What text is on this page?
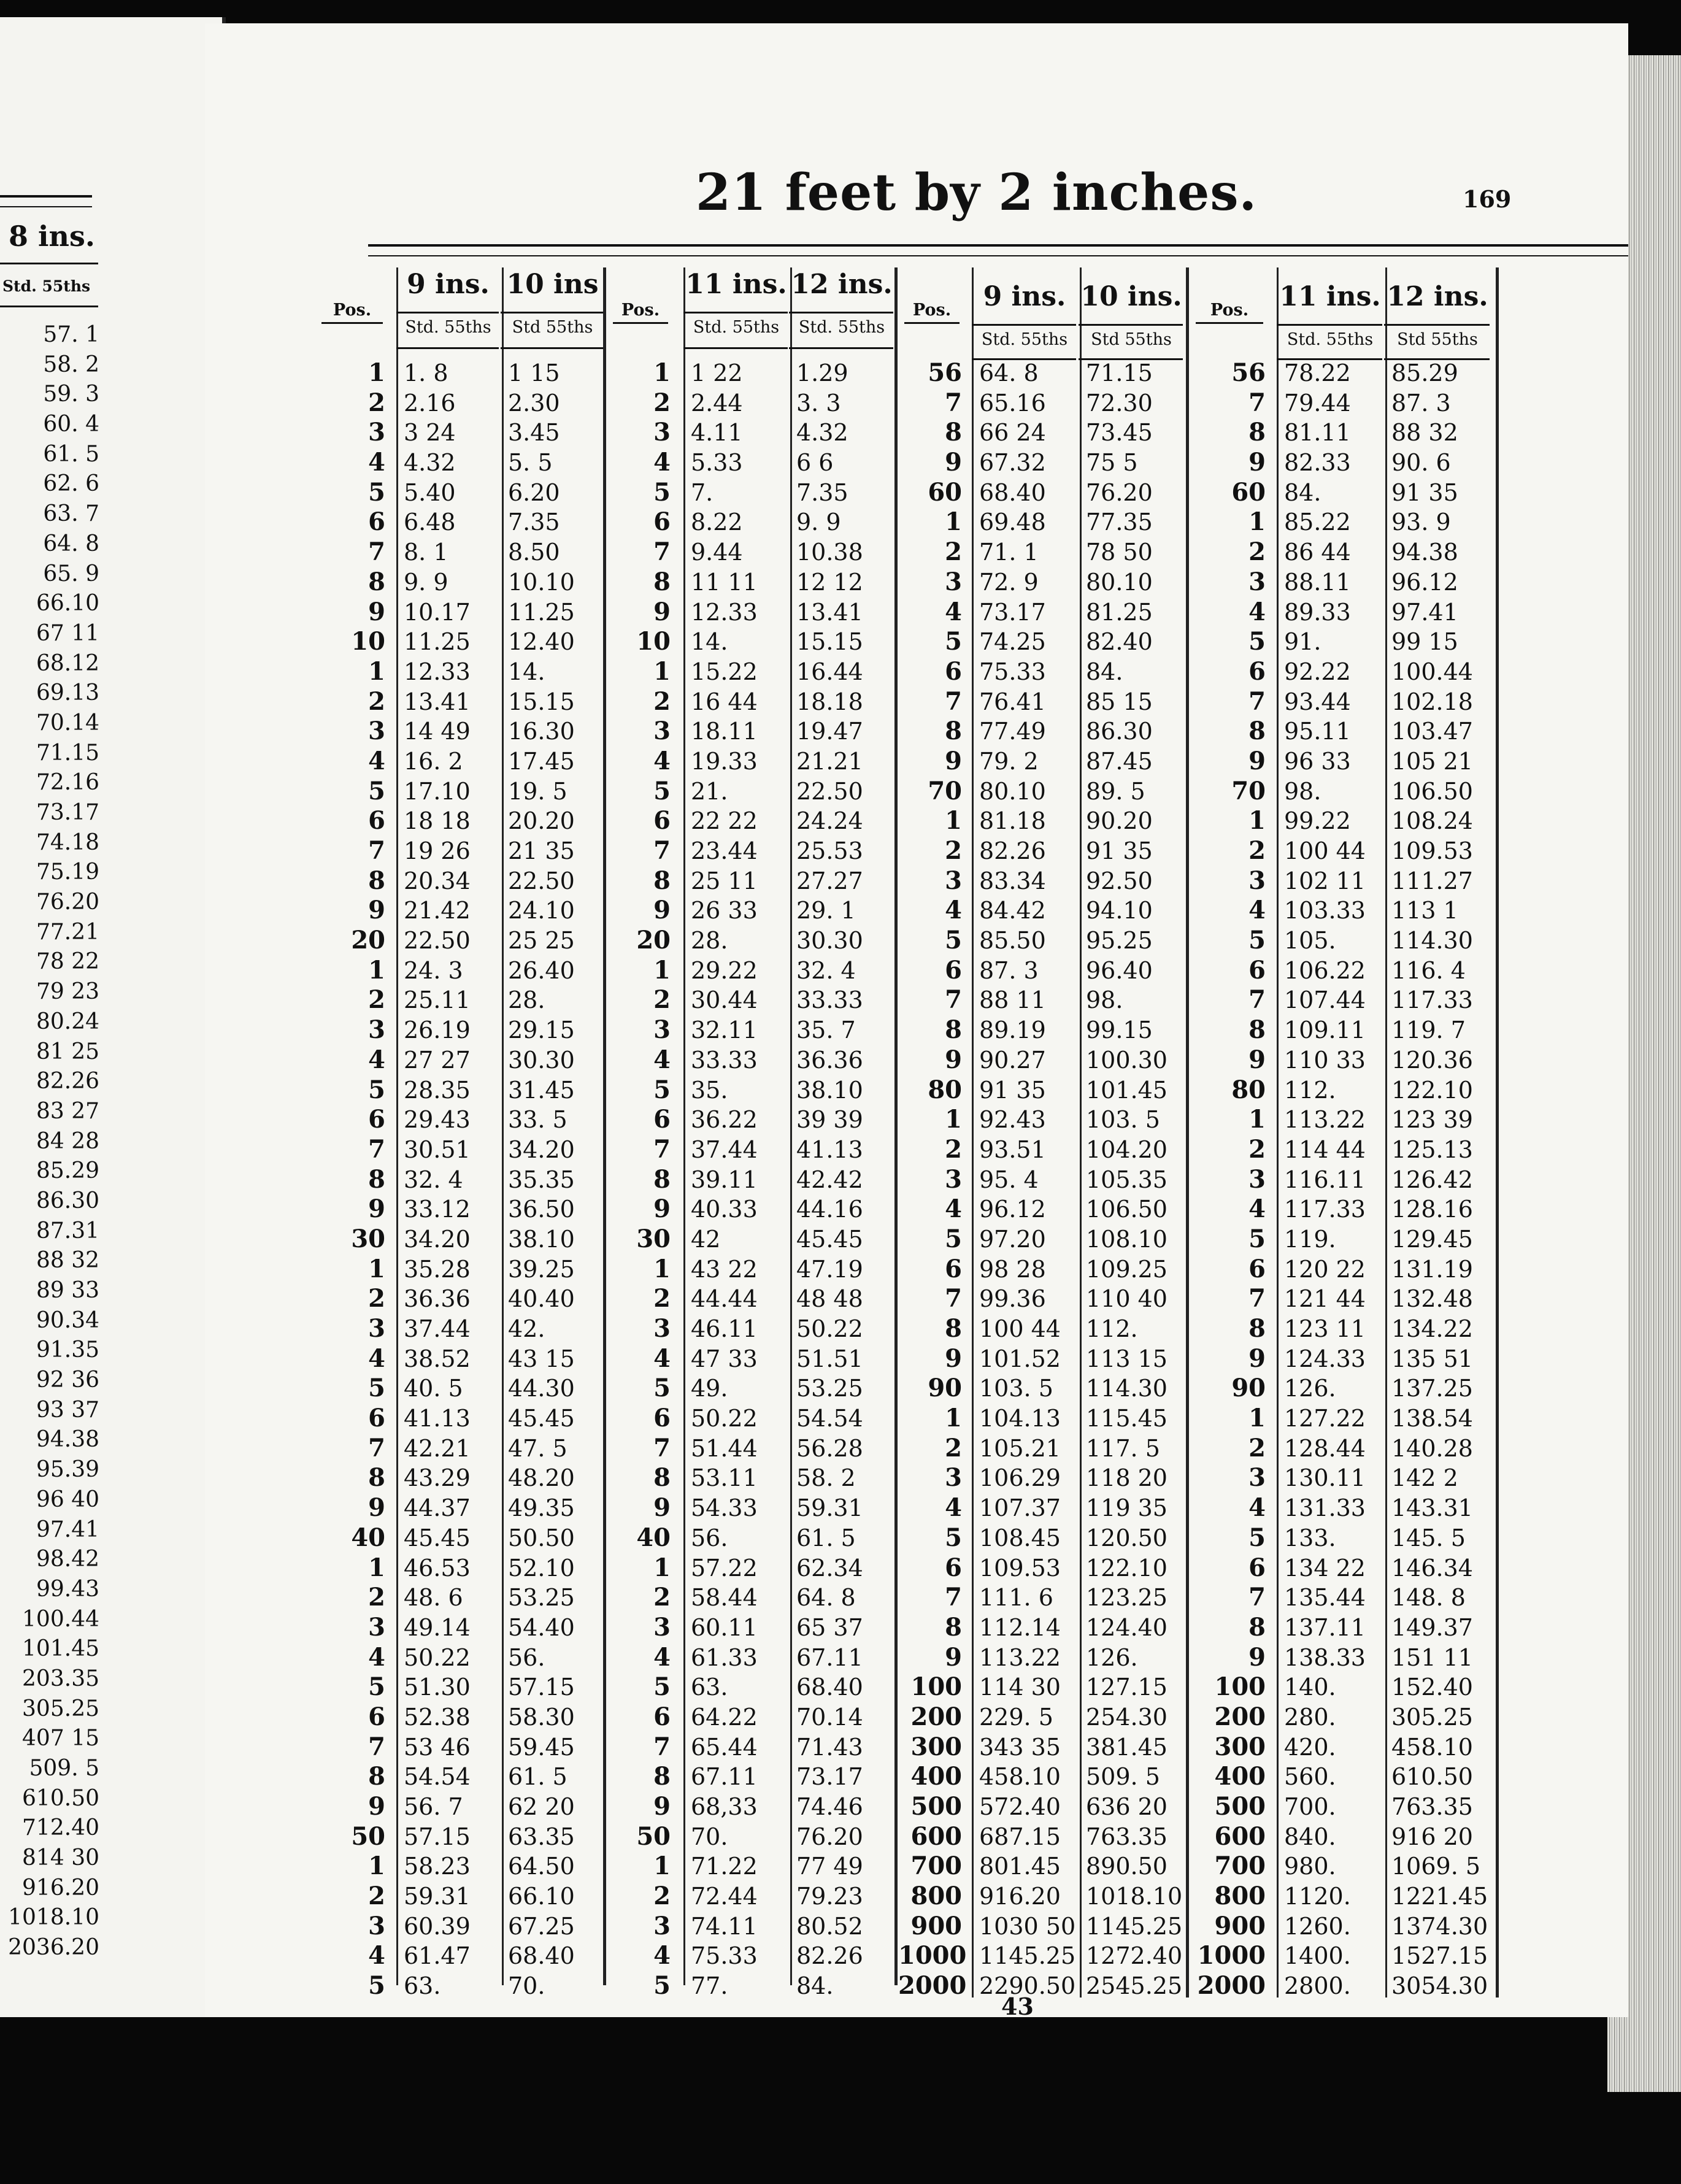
8 ins.
Std. 55ths
57. 1
58. 2
59. 3
60. 4
61. 5
62. 6
63. 7
64. 8
65. 9
66.10
67 11
68.12
69.13
70.14
71.15
72.16
73.17
74.18
75.19
76.20
77.21
78 22
79 23
80.24
81 25
82.26
83 27
84 28
85.29
86.30
87.31
88 32
89 33
90.34
91.35
92 36
93 37
94.38
95.39
96 40
97.41
98.42
99.43
100.44
101.45
203.35
305.25
407 15
509. 5
610.50
712.40
814 30
916.20
1018.10
2036.20
21 feet by 2 inches.	169
Pos.
1
2
3
4
5
6
7
8
9
10
1
2
3
4
5
6
7
8
9
20
1
2
3
4
5
6
7
8
9
30
1
2
3
4
5
6
7
8
9
40
1
2
3
4
5
6
7
8
9
50
1
2
3
4
5
9 ins.
Std. 55ths
1. 8
2.16
3 24
4.32
5.40
6.48
8. 1
9. 9
10.17
11.25
12.33
13.41
14 49
16. 2
17.10
18 18
19 26
20.34
21.42
22.50
24. 3
25.11
26.19
27 27
28.35
29.43
30.51
32. 4
33.12
34.20
35.28
36.36
37.44
38.52
40. 5
41.13
42.21
43.29
44.37
45.45
46.53
48. 6
49.14
50.22
51.30
52.38
53 46
54.54
56. 7
57.15
58.23
59.31
60.39
61.47
63.
10 ins
Std 55ths
1 15
2.30
3.45
5. 5
6.20
7.35
8.50
10.10
11.25
12.40
14.
15.15
16.30
17.45
19. 5
20.20
21 35
22.50
24.10
25 25
26.40
28.
29.15
30.30
31.45
33. 5
34.20
35.35
36.50
38.10
39.25
40.40
42.
43 15
44.30
45.45
47. 5
48.20
49.35
50.50
52.10
53.25
54.40
56.
57.15
58.30
59.45
61. 5
62 20
63.35
64.50
66.10
67.25
68.40
70.
Pos.
1
2
3
4
5
6
7
8
9
10
1
2
3
4
5
6
7
8
9
20
1
2
3
4
5
6
7
8
9
30
1
2
3
4
5
6
7
8
9
40
1
2
3
4
5
6
7
8
9
50
1
2
3
4
5
11 ins.
Std. 55ths
1 22
2.44
4.11
5.33
7.
8.22
9.44
11 11
12.33
14.
15.22
16 44
18.11
19.33
21.
22 22
23.44
25 11
26 33
28.
29.22
30.44
32.11
33.33
35.
36.22
37.44
39.11
40.33
42
43 22
44.44
46.11
47 33
49.
50.22
51.44
53.11
54.33
56.
57.22
58.44
60.11
61.33
63.
64.22
65.44
67.11
68,33
70.
71.22
72.44
74.11
75.33
77.
12 ins.
Std. 55ths
1.29
3. 3
4.32
6 6
7.35
9. 9
10.38
12 12
13.41
15.15
16.44
18.18
19.47
21.21
22.50
24.24
25.53
27.27
29. 1
30.30
32. 4
33.33
35. 7
36.36
38.10
39 39
41.13
42.42
44.16
45.45
47.19
48 48
50.22
51.51
53.25
54.54
56.28
58. 2
59.31
61. 5
62.34
64. 8
65 37
67.11
68.40
70.14
71.43
73.17
74.46
76.20
77 49
79.23
80.52
82.26
84.
Pos.
56
7
8
9
60
1
2
3
4
5
6
7
8
9
70
1
2
3
4
5
6
7
8
9
80
1
2
3
4
5
6
7
8
9
90
1
2
3
4
5
6
7
8
9
100
200
300
400
500
600
700
800
900
1000
2000
9 ins.
Std. 55ths
64. 8
65.16
66 24
67.32
68.40
69.48
71. 1
72. 9
73.17
74.25
75.33
76.41
77.49
79. 2
80.10
81.18
82.26
83.34
84.42
85.50
87. 3
88 11
89.19
90.27
91 35
92.43
93.51
95. 4
96.12
97.20
98 28
99.36
100 44
101.52
103. 5
104.13
105.21
106.29
107.37
108.45
109.53
111. 6
112.14
113.22
114 30
229. 5
343 35
458.10
572.40
687.15
801.45
916.20
1030 50
1145.25
2290.50
10 ins.
Std 55ths
71.15
72.30
73.45
75 5
76.20
77.35
78 50
80.10
81.25
82.40
84.
85 15
86.30
87.45
89. 5
90.20
91 35
92.50
94.10
95.25
96.40
98.
99.15
100.30
101.45
103. 5
104.20
105.35
106.50
108.10
109.25
110 40
112.
113 15
114.30
115.45
117. 5
118 20
119 35
120.50
122.10
123.25
124.40
126.
127.15
254.30
381.45
509. 5
636 20
763.35
890.50
1018.10
1145.25
1272.40
2545.25
Pos.
56
7
8
9
60
1
2
3
4
5
6
7
8
9
70
1
2
3
4
5
6
7
8
9
80
1
2
3
4
5
6
7
8
9
90
1
2
3
4
5
6
7
8
9
100
200
300
400
500
600
700
800
900
1000
2000
11 ins.
Std. 55ths
78.22
79.44
81.11
82.33
84.
85.22
86 44
88.11
89.33
91.
92.22
93.44
95.11
96 33
98.
99.22
100 44
102 11
103.33
105.
106.22
107.44
109.11
110 33
112.
113.22
114 44
116.11
117.33
119.
120 22
121 44
123 11
124.33
126.
127.22
128.44
130.11
131.33
133.
134 22
135.44
137.11
138.33
140.
280.
420.
560.
700.
840.
980.
1120.
1260.
1400.
2800.
12 ins.
Std 55ths
85.29
87. 3
88 32
90. 6
91 35
93. 9
94.38
96.12
97.41
99 15
100.44
102.18
103.47
105 21
106.50
108.24
109.53
111.27
113 1
114.30
116. 4
117.33
119. 7
120.36
122.10
123 39
125.13
126.42
128.16
129.45
131.19
132.48
134.22
135 51
137.25
138.54
140.28
142 2
143.31
145. 5
146.34
148. 8
149.37
151 11
152.40
305.25
458.10
610.50
763.35
916 20
1069. 5
1221.45
1374.30
1527.15
3054.30
43
